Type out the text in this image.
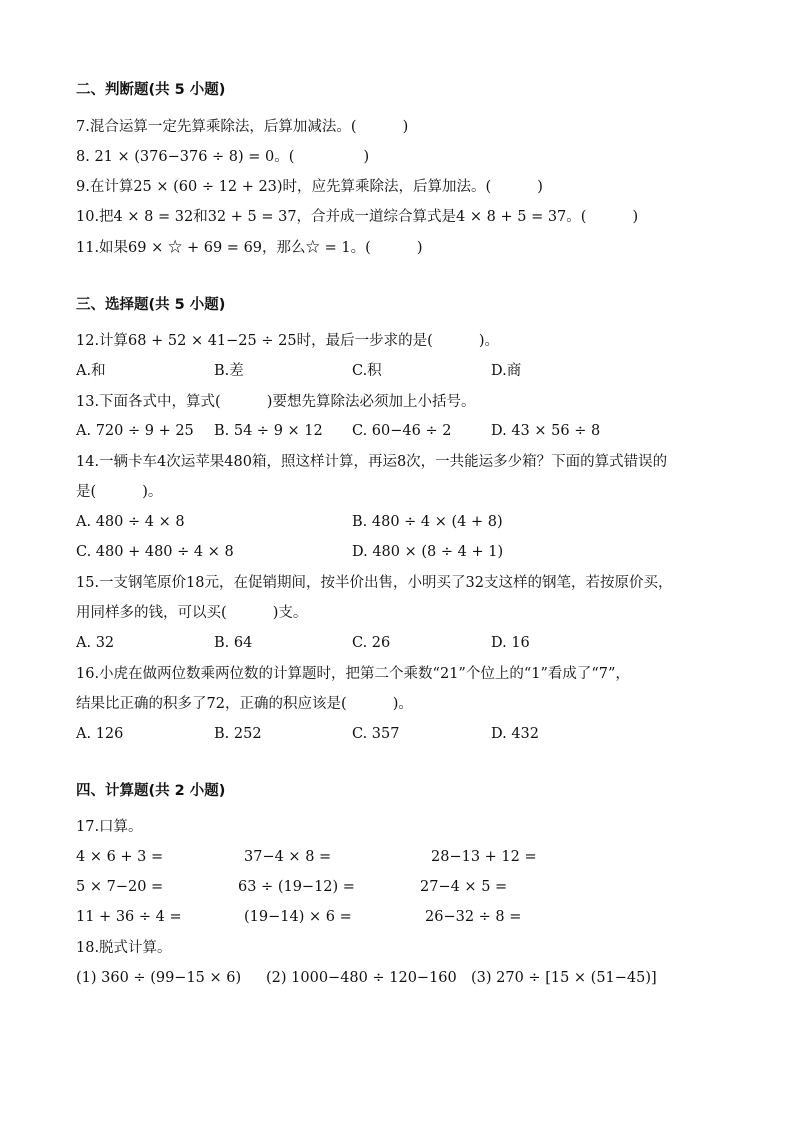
二、判断题(共 5 小题)
7.混合运算一定先算乘除法，后算加减法。(          )
8. 21 × (376−376 ÷ 8) = 0。(               )
9.在计算25 × (60 ÷ 12 + 23)时，应先算乘除法，后算加法。(          )
10.把4 × 8 = 32和32 + 5 = 37，合并成一道综合算式是4 × 8 + 5 = 37。(          )
11.如果69 × ☆ + 69 = 69，那么☆ = 1。(          )
三、选择题(共 5 小题)
12.计算68 + 52 × 41−25 ÷ 25时，最后一步求的是(          )。
A.和	B.差	C.积	D.商
13.下面各式中，算式(          )要想先算除法必须加上小括号。
A. 720 ÷ 9 + 25 B. 54 ÷ 9 × 12 C. 60−46 ÷ 2	D. 43 × 56 ÷ 8
14.一辆卡车4次运苹果480箱，照这样计算，再运8次，一共能运多少箱？下面的算式错误的
是(          )。
A. 480 ÷ 4 × 8	B. 480 ÷ 4 × (4 + 8)
C. 480 + 480 ÷ 4 × 8	D. 480 × (8 ÷ 4 + 1)
15.一支钢笔原价18元，在促销期间，按半价出售，小明买了32支这样的钢笔，若按原价买，
用同样多的钱，可以买(          )支。
A. 32	B. 64	C. 26	D. 16
16.小虎在做两位数乘两位数的计算题时，把第二个乘数“21”个位上的“1”看成了“7”，
结果比正确的积多了72，正确的积应该是(          )。
A. 126	B. 252	C. 357	D. 432
四、计算题(共 2 小题)
17.口算。
4 × 6 + 3 =	37−4 × 8 =	28−13 + 12 =
5 × 7−20 =	63 ÷ (19−12) =	27−4 × 5 =
11 + 36 ÷ 4 =	(19−14) × 6 =	26−32 ÷ 8 =
18.脱式计算。
(1) 360 ÷ (99−15 × 6) (2) 1000−480 ÷ 120−160 (3) 270 ÷ [15 × (51−45)]
